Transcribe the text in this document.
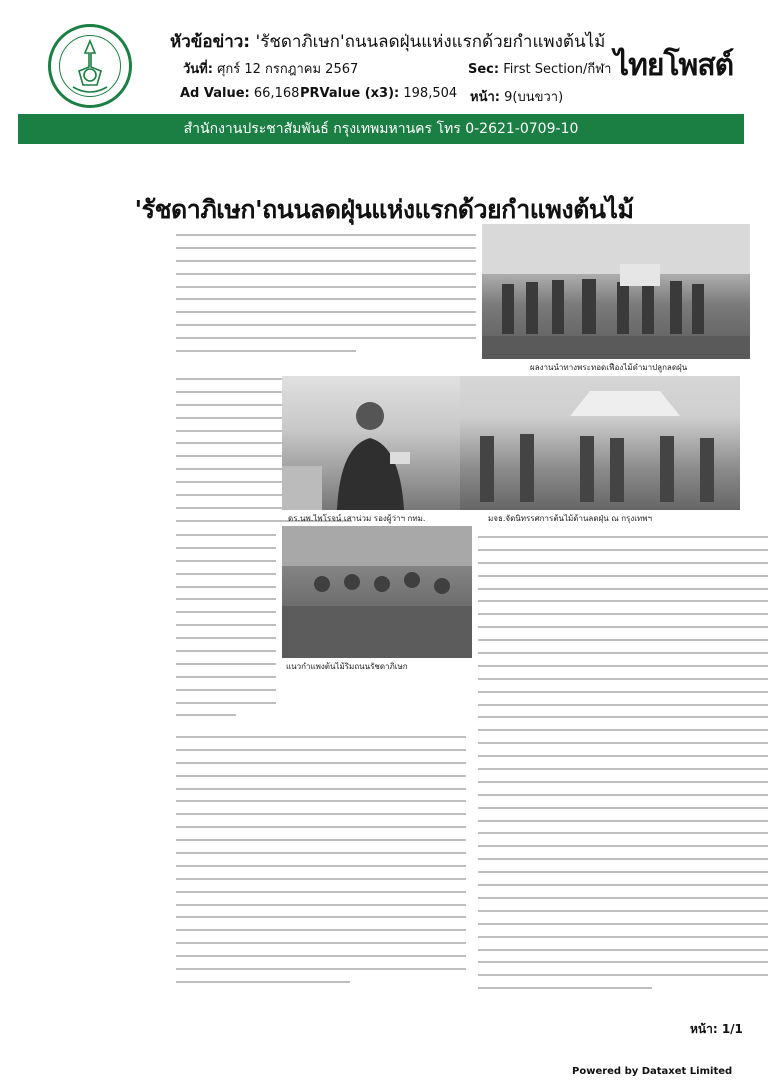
หัวข้อข่าว: 'รัชดาภิเษก'ถนนลดฝุ่นแห่งแรกด้วยกำแพงต้นไม้
วันที่: ศุกร์ 12 กรกฎาคม 2567	Sec: First Section/กีฬา
Ad Value: 66,168 PRValue (x3): 198,504 หน้า: 9(บนขวา)
ไทยโพสต์
สำนักงานประชาสัมพันธ์ กรุงเทพมหานคร โทร 0-2621-0709-10
'รัชดาภิเษก'ถนนลดฝุ่นแห่งแรกด้วยกำแพงต้นไม้
ผลงานนำทางพระทอดเฟืองไม้ดำมาปลูกลดฝุ่น
ดร.นพ.ไพโรจน์ เสาน่วม รองผู้ว่าฯ กทม.	มจธ.จัดนิทรรศการต้นไม้ด้านลดฝุ่น ณ กรุงเทพฯ
แนวกำแพงต้นไม้ริมถนนรัชดาภิเษก
หน้า: 1/1
Powered by Dataxet Limited
